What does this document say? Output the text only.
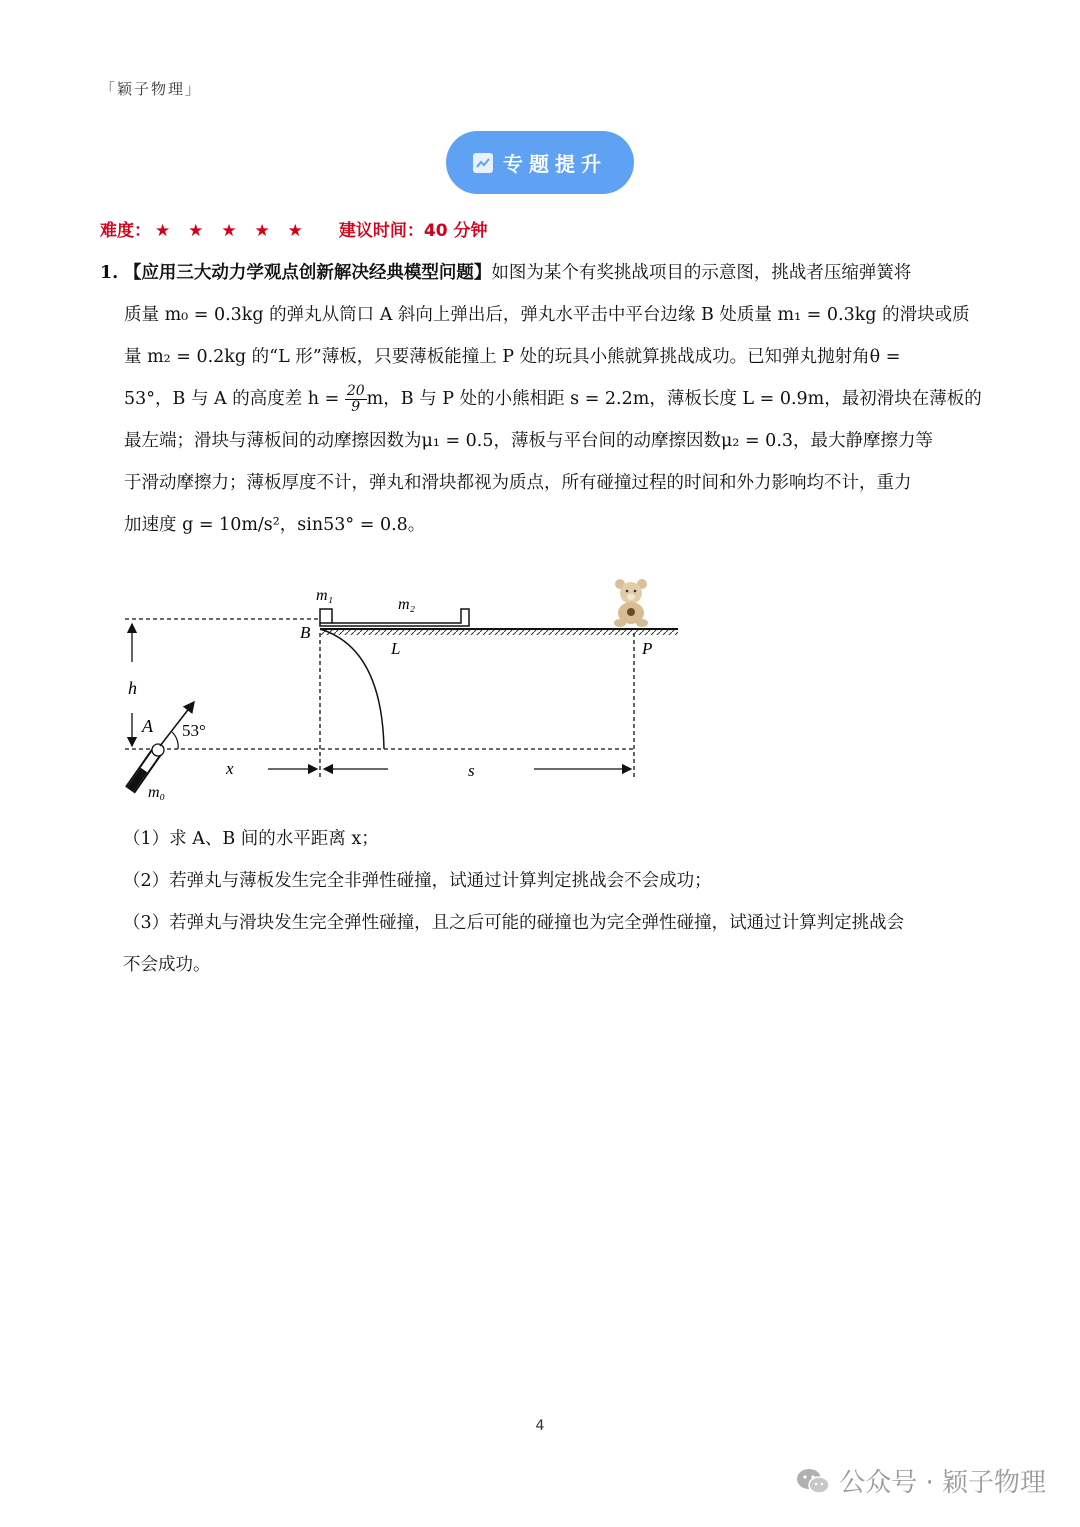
「颖子物理」
专题提升
难度： ★ ★ ★ ★ ★ 建议时间：40 分钟
1. 【应用三大动力学观点创新解决经典模型问题】如图为某个有奖挑战项目的示意图，挑战者压缩弹簧将
质量 m₀ = 0.3kg 的弹丸从筒口 A 斜向上弹出后，弹丸水平击中平台边缘 B 处质量 m₁ = 0.3kg 的滑块或质
量 m₂ = 0.2kg 的“L 形”薄板，只要薄板能撞上 P 处的玩具小熊就算挑战成功。已知弹丸抛射角θ =
53°，B 与 A 的高度差 $h = \frac{20}{9}$ m，B 与 P 处的小熊相距 s = 2.2m，薄板长度 L = 0.9m，最初滑块在薄板的
最左端；滑块与薄板间的动摩擦因数为μ₁ = 0.5，薄板与平台间的动摩擦因数μ₂ = 0.3，最大静摩擦力等
于滑动摩擦力；薄板厚度不计，弹丸和滑块都视为质点，所有碰撞过程的时间和外力影响均不计，重力
加速度 g = 10m/s²，sin53° = 0.8。
h
A 53°
m₀
x	s
m₁
m₂
B
L	P
（1）求 A、B 间的水平距离 x；
（2）若弹丸与薄板发生完全非弹性碰撞，试通过计算判定挑战会不会成功；
（3）若弹丸与滑块发生完全弹性碰撞，且之后可能的碰撞也为完全弹性碰撞，试通过计算判定挑战会
不会成功。
4
公众号 · 颖子物理
